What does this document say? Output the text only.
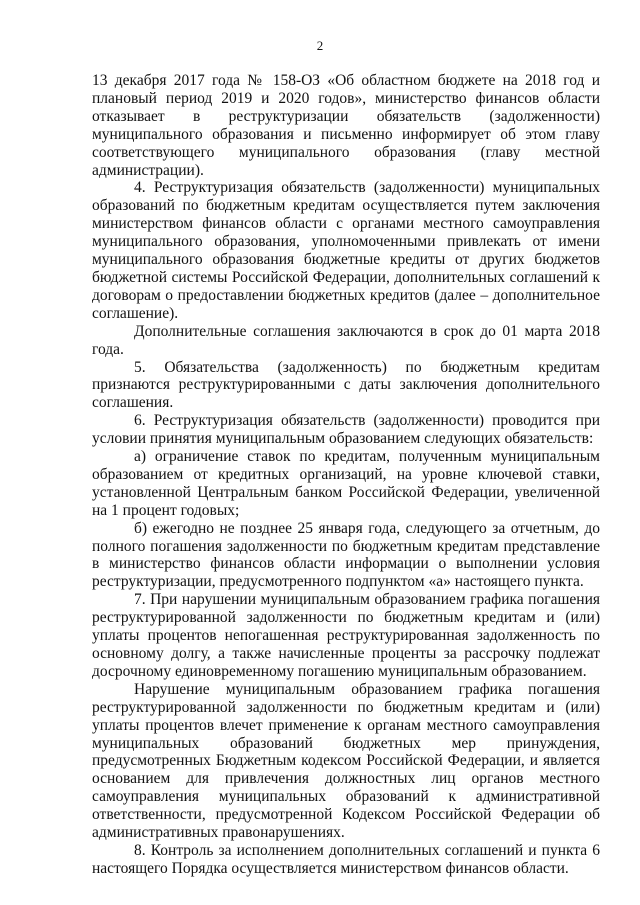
2

13 декабря 2017 года № 158-ОЗ «Об областном бюджете на 2018 год и плановый период 2019 и 2020 годов», министерство финансов области отказывает в реструктуризации обязательств (задолженности) муниципального образования и письменно информирует об этом главу соответствующего муниципального образования (главу местной администрации).

4. Реструктуризация обязательств (задолженности) муниципальных образований по бюджетным кредитам осуществляется путем заключения министерством финансов области с органами местного самоуправления муниципального образования, уполномоченными привлекать от имени муниципального образования бюджетные кредиты от других бюджетов бюджетной системы Российской Федерации, дополнительных соглашений к договорам о предоставлении бюджетных кредитов (далее – дополнительное соглашение).

Дополнительные соглашения заключаются в срок до 01 марта 2018 года.

5. Обязательства (задолженность) по бюджетным кредитам признаются реструктурированными с даты заключения дополнительного соглашения.

6. Реструктуризация обязательств (задолженности) проводится при условии принятия муниципальным образованием следующих обязательств:

а) ограничение ставок по кредитам, полученным муниципальным образованием от кредитных организаций, на уровне ключевой ставки, установленной Центральным банком Российской Федерации, увеличенной на 1 процент годовых;

б) ежегодно не позднее 25 января года, следующего за отчетным, до полного погашения задолженности по бюджетным кредитам представление в министерство финансов области информации о выполнении условия реструктуризации, предусмотренного подпунктом «а» настоящего пункта.

7. При нарушении муниципальным образованием графика погашения реструктурированной задолженности по бюджетным кредитам и (или) уплаты процентов непогашенная реструктурированная задолженность по основному долгу, а также начисленные проценты за рассрочку подлежат досрочному единовременному погашению муниципальным образованием.

Нарушение муниципальным образованием графика погашения реструктурированной задолженности по бюджетным кредитам и (или) уплаты процентов влечет применение к органам местного самоуправления муниципальных образований бюджетных мер принуждения, предусмотренных Бюджетным кодексом Российской Федерации, и является основанием для привлечения должностных лиц органов местного самоуправления муниципальных образований к административной ответственности, предусмотренной Кодексом Российской Федерации об административных правонарушениях.

8. Контроль за исполнением дополнительных соглашений и пункта 6 настоящего Порядка осуществляется министерством финансов области.
